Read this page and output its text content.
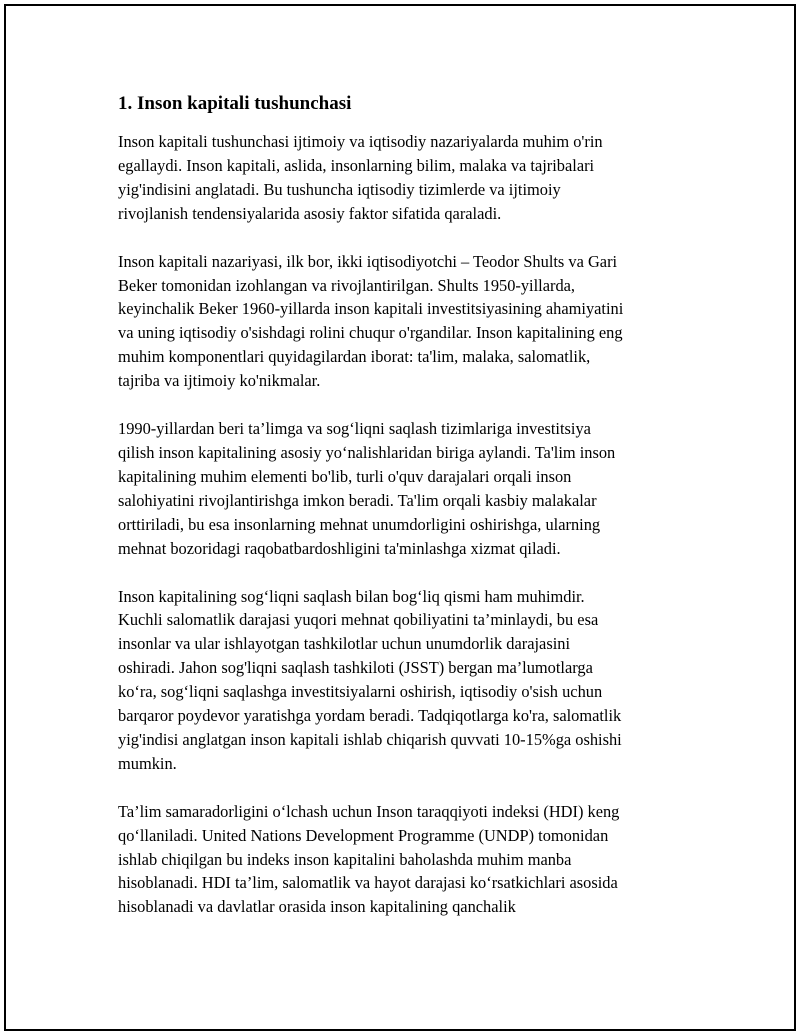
1. Inson kapitali tushunchasi
Inson kapitali tushunchasi ijtimoiy va iqtisodiy nazariyalarda muhim o'rin
egallaydi. Inson kapitali, aslida, insonlarning bilim, malaka va tajribalari
yig'indisini anglatadi. Bu tushuncha iqtisodiy tizimlerde va ijtimoiy
rivojlanish tendensiyalarida asosiy faktor sifatida qaraladi.
Inson kapitali nazariyasi, ilk bor, ikki iqtisodiyotchi – Teodor Shults va Gari
Beker tomonidan izohlangan va rivojlantirilgan. Shults 1950-yillarda,
keyinchalik Beker 1960-yillarda inson kapitali investitsiyasining ahamiyatini
va uning iqtisodiy o'sishdagi rolini chuqur o'rgandilar. Inson kapitalining eng
muhim komponentlari quyidagilardan iborat: ta'lim, malaka, salomatlik,
tajriba va ijtimoiy ko'nikmalar.
1990-yillardan beri ta’limga va sog‘liqni saqlash tizimlariga investitsiya
qilish inson kapitalining asosiy yo‘nalishlaridan biriga aylandi. Ta'lim inson
kapitalining muhim elementi bo'lib, turli o'quv darajalari orqali inson
salohiyatini rivojlantirishga imkon beradi. Ta'lim orqali kasbiy malakalar
orttiriladi, bu esa insonlarning mehnat unumdorligini oshirishga, ularning
mehnat bozoridagi raqobatbardoshligini ta'minlashga xizmat qiladi.
Inson kapitalining sog‘liqni saqlash bilan bog‘liq qismi ham muhimdir.
Kuchli salomatlik darajasi yuqori mehnat qobiliyatini ta’minlaydi, bu esa
insonlar va ular ishlayotgan tashkilotlar uchun unumdorlik darajasini
oshiradi. Jahon sog'liqni saqlash tashkiloti (JSST) bergan ma’lumotlarga
ko‘ra, sog‘liqni saqlashga investitsiyalarni oshirish, iqtisodiy o'sish uchun
barqaror poydevor yaratishga yordam beradi. Tadqiqotlarga ko'ra, salomatlik
yig'indisi anglatgan inson kapitali ishlab chiqarish quvvati 10-15%ga oshishi
mumkin.
Ta’lim samaradorligini o‘lchash uchun Inson taraqqiyoti indeksi (HDI) keng
qo‘llaniladi. United Nations Development Programme (UNDP) tomonidan
ishlab chiqilgan bu indeks inson kapitalini baholashda muhim manba
hisoblanadi. HDI ta’lim, salomatlik va hayot darajasi ko‘rsatkichlari asosida
hisoblanadi va davlatlar orasida inson kapitalining qanchalik
